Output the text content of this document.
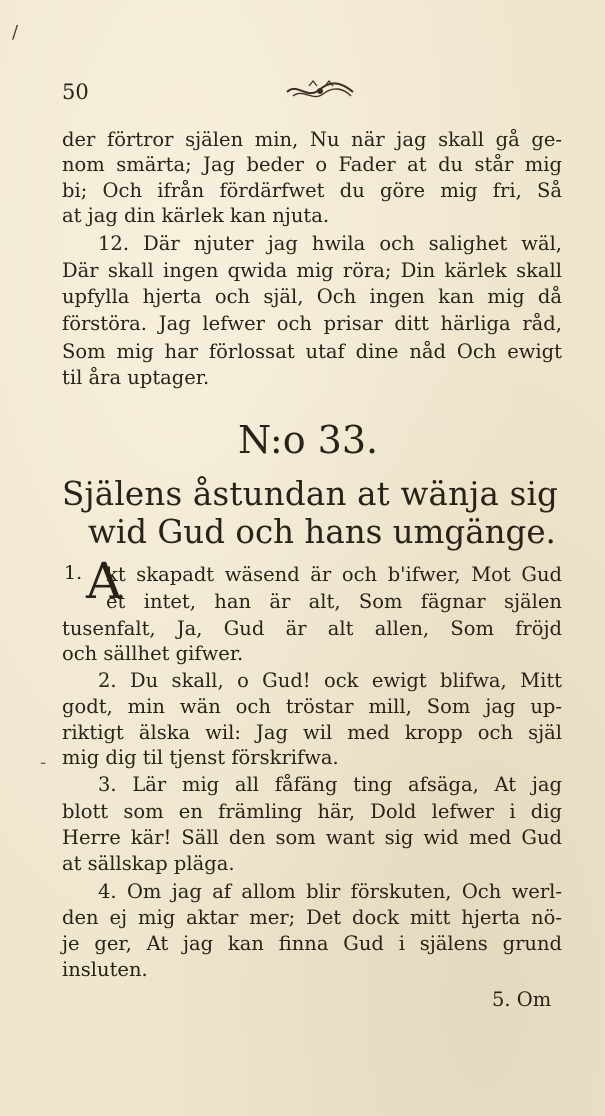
/
50
der förtror själen min, Nu när jag skall gå ge-
nom smärta; Jag beder o Fader at du står mig
bi; Och ifrån fördärfwet du göre mig fri, Så
at jag din kärlek kan njuta.
12. Där njuter jag hwila och salighet wäl,
Där skall ingen qwida mig röra; Din kärlek skall
upfylla hjerta och själ, Och ingen kan mig då
förstöra. Jag lefwer och prisar ditt härliga råd,
Som mig har förlossat utaf dine nåd Och ewigt
til åra uptager.
N:o 33.
Själens åstundan at wänja sig
wid Gud och hans umgänge.
1. A
kt skapadt wäsend är och b'ifwer, Mot Gud
et intet, han är alt, Som fägnar själen
tusenfalt, Ja, Gud är alt allen, Som fröjd
och sällhet gifwer.
2. Du skall, o Gud! ock ewigt blifwa, Mitt
godt, min wän och tröstar mill, Som jag up-
riktigt älska wil: Jag wil med kropp och själ
mig dig til tjenst förskrifwa.
3. Lär mig all fåfäng ting afsäga, At jag
blott som en främling här, Dold lefwer i dig
Herre kär! Säll den som want sig wid med Gud
at sällskap pläga.
4. Om jag af allom blir förskuten, Och werl-
den ej mig aktar mer; Det dock mitt hjerta nö-
je ger, At jag kan finna Gud i själens grund
insluten.
5. Om
-
